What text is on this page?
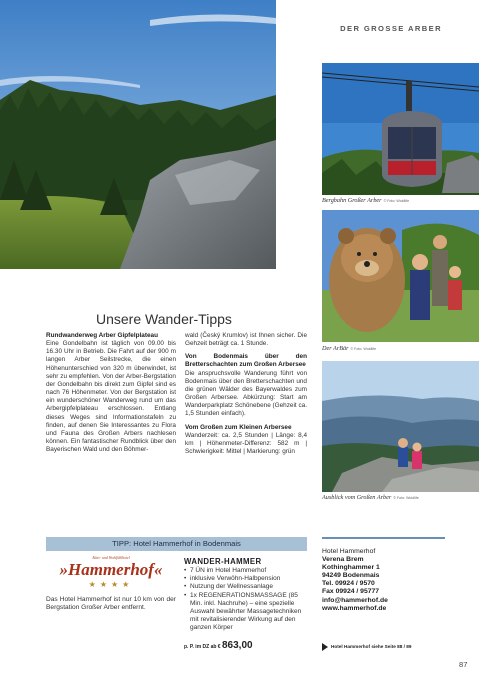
DER GROSSE ARBER
Bergbahn Großer Arber © Foto: Woidlife
Der ArBär © Foto: Woidlife
Ausblick vom Großen Arber © Foto: Woidlife
Unsere Wander-Tipps

Rundwanderweg Arber Gipfelplateau
Eine Gondelbahn ist täglich von 09.00 bis 16.30 Uhr in Betrieb. Die Fahrt auf der 900 m langen Arber Seilstrecke, die einen Höhenunterschied von 320 m überwindet, ist sehr zu empfehlen. Von der Arber-Bergstation der Gondelbahn bis direkt zum Gipfel sind es nach 76 Höhenmeter. Von der Bergstation ist ein wunderschöner Wanderweg rund um das Arbergipfelplateau erschlossen. Entlang dieses Weges sind Informationstafeln zu finden, auf denen Sie Interessantes zu Flora und Fauna des Großen Arbers nachlesen können. Ein fantastischer Rundblick über den Bayerischen Wald und den Böhmer-

wald (Český Krumlov) ist Ihnen sicher. Die Gehzeit beträgt ca. 1 Stunde.

Von Bodenmais über den Bretterschachten zum Großen Arbersee
Die anspruchsvolle Wanderung führt von Bodenmais über den Bretterschachten und die grünen Wälder des Bayerwaldes zum Großen Arbersee. Abkürzung: Start am Wanderparkplatz Schönebene (Gehzeit ca. 1,5 Stunden einfach).

Vom Großen zum Kleinen Arbersee
Wanderzeit: ca. 2,5 Stunden | Länge: 8,4 km | Höhenmeter-Differenz: 582 m | Schwierigkeit: Mittel | Markierung: grün

TIPP: Hotel Hammerhof in Bodenmais
Aktiv- und Wohlfühlhotel
»Hammerhof«
★★★★
Das Hotel Hammerhof ist nur 10 km von der Bergstation Großer Arber entfernt.
WANDER-HAMMER
• 7 ÜN im Hotel Hammerhof
• inklusive Verwöhn-Halbpension
• Nutzung der Wellnessanlage
• 1x REGENERATIONSMASSAGE (85 Min. inkl. Nachruhe) – eine spezielle Auswahl bewährter Massagetechniken mit revitalisierender Wirkung auf den ganzen Körper
p. P. im DZ ab € 863,00
Hotel Hammerhof
Verena Brem
Kothinghammer 1
94249 Bodenmais
Tel. 09924 / 9570
Fax 09924 / 95777
info@hammerhof.de
www.hammerhof.de
Hotel Hammerhof siehe Seite 88 / 89
87
